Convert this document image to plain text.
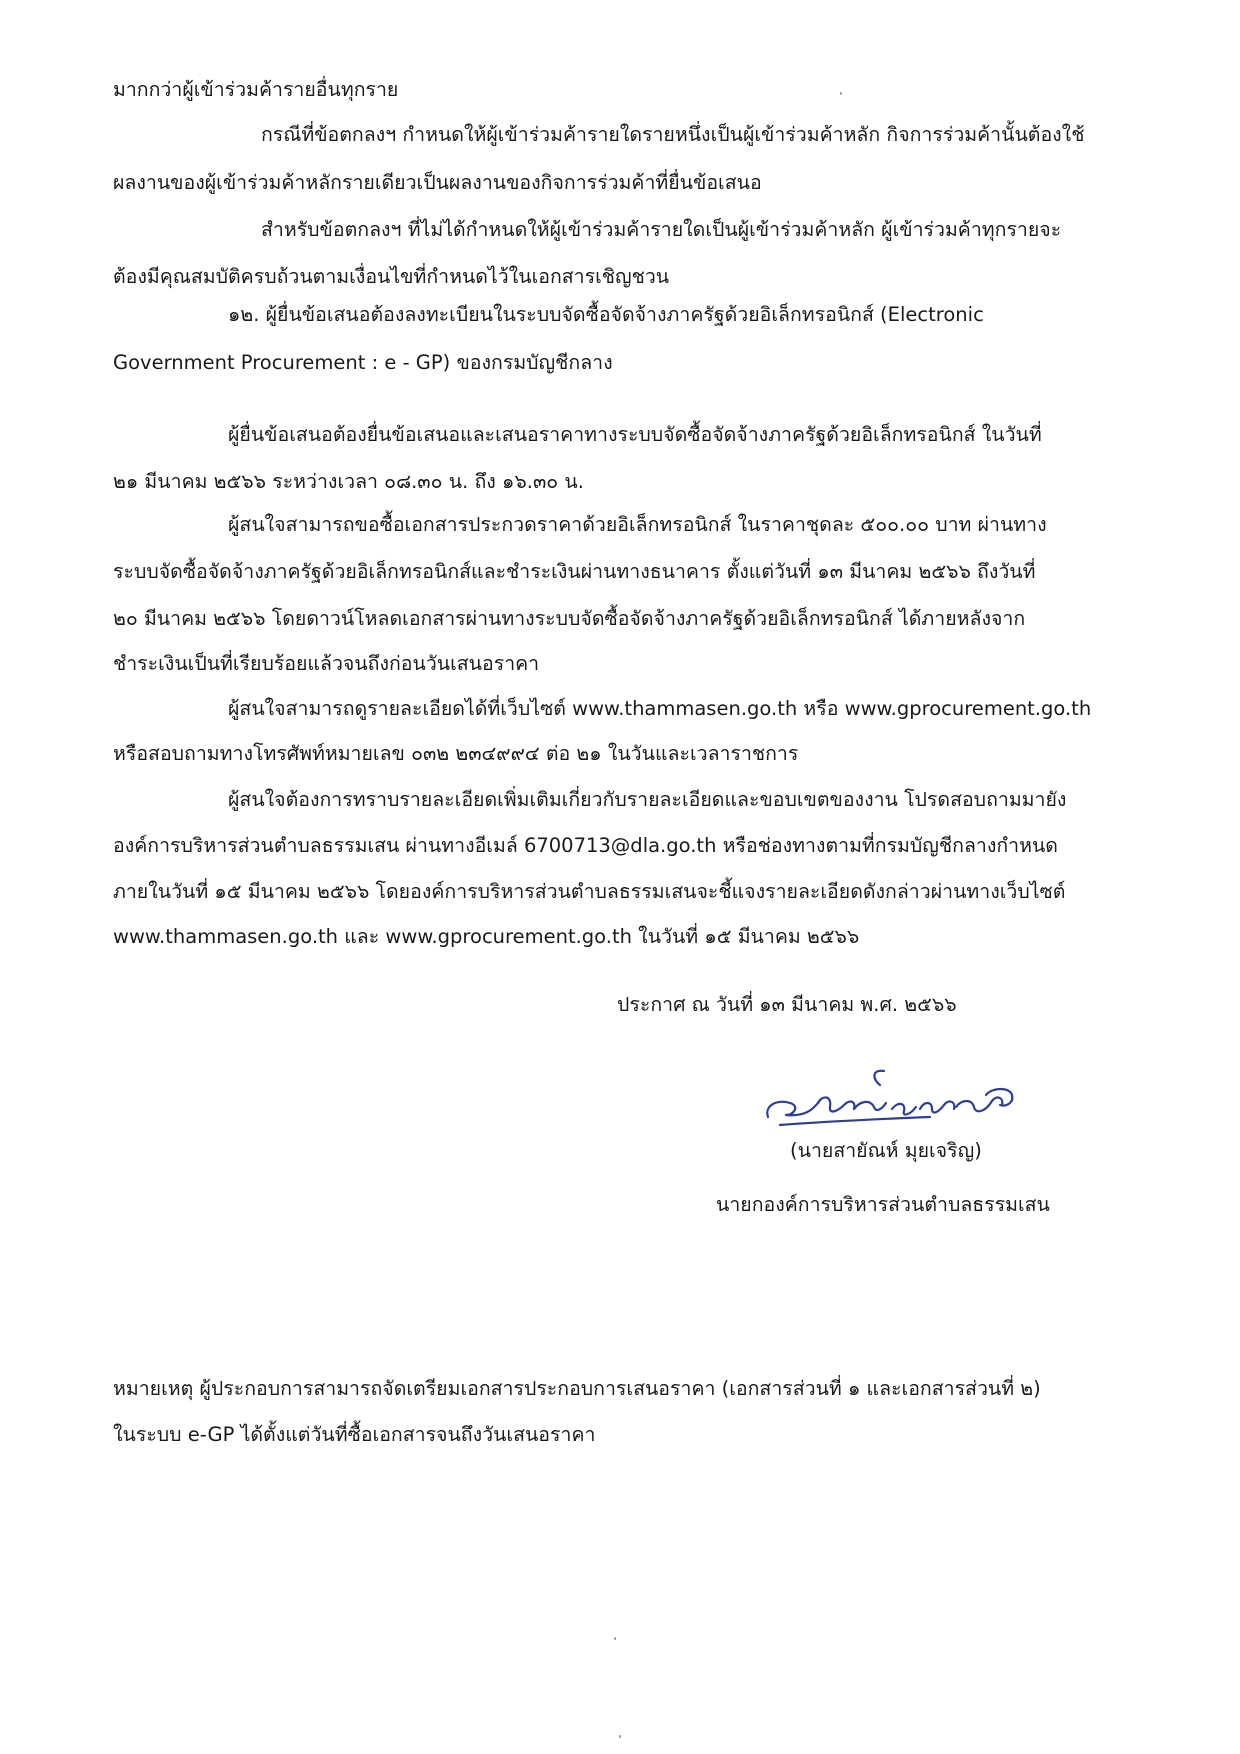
มากกว่าผู้เข้าร่วมค้ารายอื่นทุกราย
กรณีที่ข้อตกลงฯ กำหนดให้ผู้เข้าร่วมค้ารายใดรายหนึ่งเป็นผู้เข้าร่วมค้าหลัก กิจการร่วมค้านั้นต้องใช้
ผลงานของผู้เข้าร่วมค้าหลักรายเดียวเป็นผลงานของกิจการร่วมค้าที่ยื่นข้อเสนอ
สำหรับข้อตกลงฯ ที่ไม่ได้กำหนดให้ผู้เข้าร่วมค้ารายใดเป็นผู้เข้าร่วมค้าหลัก ผู้เข้าร่วมค้าทุกรายจะ
ต้องมีคุณสมบัติครบถ้วนตามเงื่อนไขที่กำหนดไว้ในเอกสารเชิญชวน
๑๒. ผู้ยื่นข้อเสนอต้องลงทะเบียนในระบบจัดซื้อจัดจ้างภาครัฐด้วยอิเล็กทรอนิกส์ (Electronic
Government Procurement : e - GP) ของกรมบัญชีกลาง
ผู้ยื่นข้อเสนอต้องยื่นข้อเสนอและเสนอราคาทางระบบจัดซื้อจัดจ้างภาครัฐด้วยอิเล็กทรอนิกส์ ในวันที่
๒๑ มีนาคม ๒๕๖๖ ระหว่างเวลา ๐๘.๓๐ น. ถึง ๑๖.๓๐ น.
ผู้สนใจสามารถขอซื้อเอกสารประกวดราคาด้วยอิเล็กทรอนิกส์ ในราคาชุดละ ๕๐๐.๐๐ บาท ผ่านทาง
ระบบจัดซื้อจัดจ้างภาครัฐด้วยอิเล็กทรอนิกส์และชำระเงินผ่านทางธนาคาร ตั้งแต่วันที่ ๑๓ มีนาคม ๒๕๖๖ ถึงวันที่
๒๐ มีนาคม ๒๕๖๖ โดยดาวน์โหลดเอกสารผ่านทางระบบจัดซื้อจัดจ้างภาครัฐด้วยอิเล็กทรอนิกส์ ได้ภายหลังจาก
ชำระเงินเป็นที่เรียบร้อยแล้วจนถึงก่อนวันเสนอราคา
ผู้สนใจสามารถดูรายละเอียดได้ที่เว็บไซต์ www.thammasen.go.th หรือ www.gprocurement.go.th
หรือสอบถามทางโทรศัพท์หมายเลข ๐๓๒ ๒๓๔๙๙๔ ต่อ ๒๑ ในวันและเวลาราชการ
ผู้สนใจต้องการทราบรายละเอียดเพิ่มเติมเกี่ยวกับรายละเอียดและขอบเขตของงาน โปรดสอบถามมายัง
องค์การบริหารส่วนตำบลธรรมเสน ผ่านทางอีเมล์ 6700713@dla.go.th หรือช่องทางตามที่กรมบัญชีกลางกำหนด
ภายในวันที่ ๑๕ มีนาคม ๒๕๖๖ โดยองค์การบริหารส่วนตำบลธรรมเสนจะชี้แจงรายละเอียดดังกล่าวผ่านทางเว็บไซต์
www.thammasen.go.th และ www.gprocurement.go.th ในวันที่ ๑๕ มีนาคม ๒๕๖๖
ประกาศ ณ วันที่ ๑๓ มีนาคม พ.ศ. ๒๕๖๖
(นายสายัณห์ มุยเจริญ)
นายกองค์การบริหารส่วนตำบลธรรมเสน
หมายเหตุ ผู้ประกอบการสามารถจัดเตรียมเอกสารประกอบการเสนอราคา (เอกสารส่วนที่ ๑ และเอกสารส่วนที่ ๒)
ในระบบ e-GP ได้ตั้งแต่วันที่ซื้อเอกสารจนถึงวันเสนอราคา
